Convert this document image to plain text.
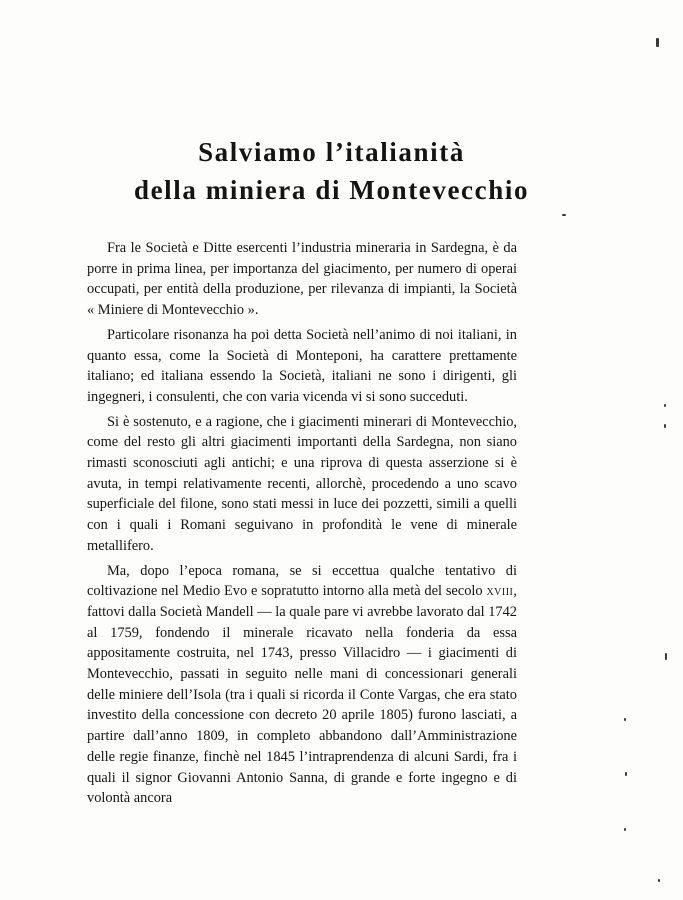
Salviamo l’italianità
della miniera di Montevecchio

Fra le Società e Ditte esercenti l’industria mineraria in Sardegna, è da porre in prima linea, per importanza del giacimento, per numero di operai occupati, per entità della produzione, per rilevanza di impianti, la Società « Miniere di Montevecchio ».

Particolare risonanza ha poi detta Società nell’animo di noi italiani, in quanto essa, come la Società di Monteponi, ha carattere prettamente italiano; ed italiana essendo la Società, italiani ne sono i dirigenti, gli ingegneri, i consulenti, che con varia vicenda vi si sono succeduti.

Si è sostenuto, e a ragione, che i giacimenti minerari di Montevecchio, come del resto gli altri giacimenti importanti della Sardegna, non siano rimasti sconosciuti agli antichi; e una riprova di questa asserzione si è avuta, in tempi relativamente recenti, allorchè, procedendo a uno scavo superficiale del filone, sono stati messi in luce dei pozzetti, simili a quelli con i quali i Romani seguivano in profondità le vene di minerale metallifero.

Ma, dopo l’epoca romana, se si eccettua qualche tentativo di coltivazione nel Medio Evo e sopratutto intorno alla metà del secolo xviii, fattovi dalla Società Mandell — la quale pare vi avrebbe lavorato dal 1742 al 1759, fondendo il minerale ricavato nella fonderia da essa appositamente costruita, nel 1743, presso Villacidro — i giacimenti di Montevecchio, passati in seguito nelle mani di concessionari generali delle miniere dell’Isola (tra i quali si ricorda il Conte Vargas, che era stato investito della concessione con decreto 20 aprile 1805) furono lasciati, a partire dall’anno 1809, in completo abbandono dall’Amministrazione delle regie finanze, finchè nel 1845 l’intraprendenza di alcuni Sardi, fra i quali il signor Giovanni Antonio Sanna, di grande e forte ingegno e di volontà ancora
